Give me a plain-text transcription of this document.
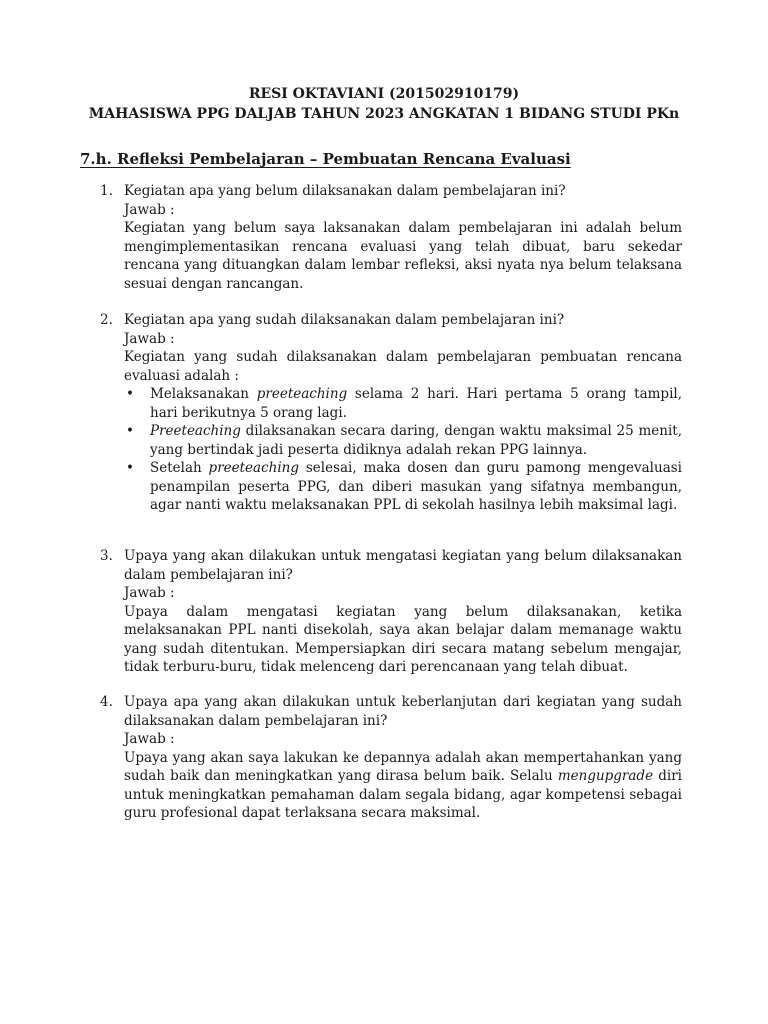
RESI OKTAVIANI (201502910179)
MAHASISWA PPG DALJAB TAHUN 2023 ANGKATAN 1 BIDANG STUDI PKn
7.h. Refleksi Pembelajaran – Pembuatan Rencana Evaluasi
1. Kegiatan apa yang belum dilaksanakan dalam pembelajaran ini?
Jawab :
Kegiatan yang belum saya laksanakan dalam pembelajaran ini adalah belum mengimplementasikan rencana evaluasi yang telah dibuat, baru sekedar rencana yang dituangkan dalam lembar refleksi, aksi nyata nya belum telaksana sesuai dengan rancangan.
2. Kegiatan apa yang sudah dilaksanakan dalam pembelajaran ini?
Jawab :
Kegiatan yang sudah dilaksanakan dalam pembelajaran pembuatan rencana evaluasi adalah :
• Melaksanakan preeteaching selama 2 hari. Hari pertama 5 orang tampil, hari berikutnya 5 orang lagi.
• Preeteaching dilaksanakan secara daring, dengan waktu maksimal 25 menit, yang bertindak jadi peserta didiknya adalah rekan PPG lainnya.
• Setelah preeteaching selesai, maka dosen dan guru pamong mengevaluasi penampilan peserta PPG, dan diberi masukan yang sifatnya membangun, agar nanti waktu melaksanakan PPL di sekolah hasilnya lebih maksimal lagi.
3. Upaya yang akan dilakukan untuk mengatasi kegiatan yang belum dilaksanakan dalam pembelajaran ini?
Jawab :
Upaya dalam mengatasi kegiatan yang belum dilaksanakan, ketika melaksanakan PPL nanti disekolah, saya akan belajar dalam memanage waktu yang sudah ditentukan. Mempersiapkan diri secara matang sebelum mengajar, tidak terburu-buru, tidak melenceng dari perencanaan yang telah dibuat.
4. Upaya apa yang akan dilakukan untuk keberlanjutan dari kegiatan yang sudah dilaksanakan dalam pembelajaran ini?
Jawab :
Upaya yang akan saya lakukan ke depannya adalah akan mempertahankan yang sudah baik dan meningkatkan yang dirasa belum baik. Selalu mengupgrade diri untuk meningkatkan pemahaman dalam segala bidang, agar kompetensi sebagai guru profesional dapat terlaksana secara maksimal.
